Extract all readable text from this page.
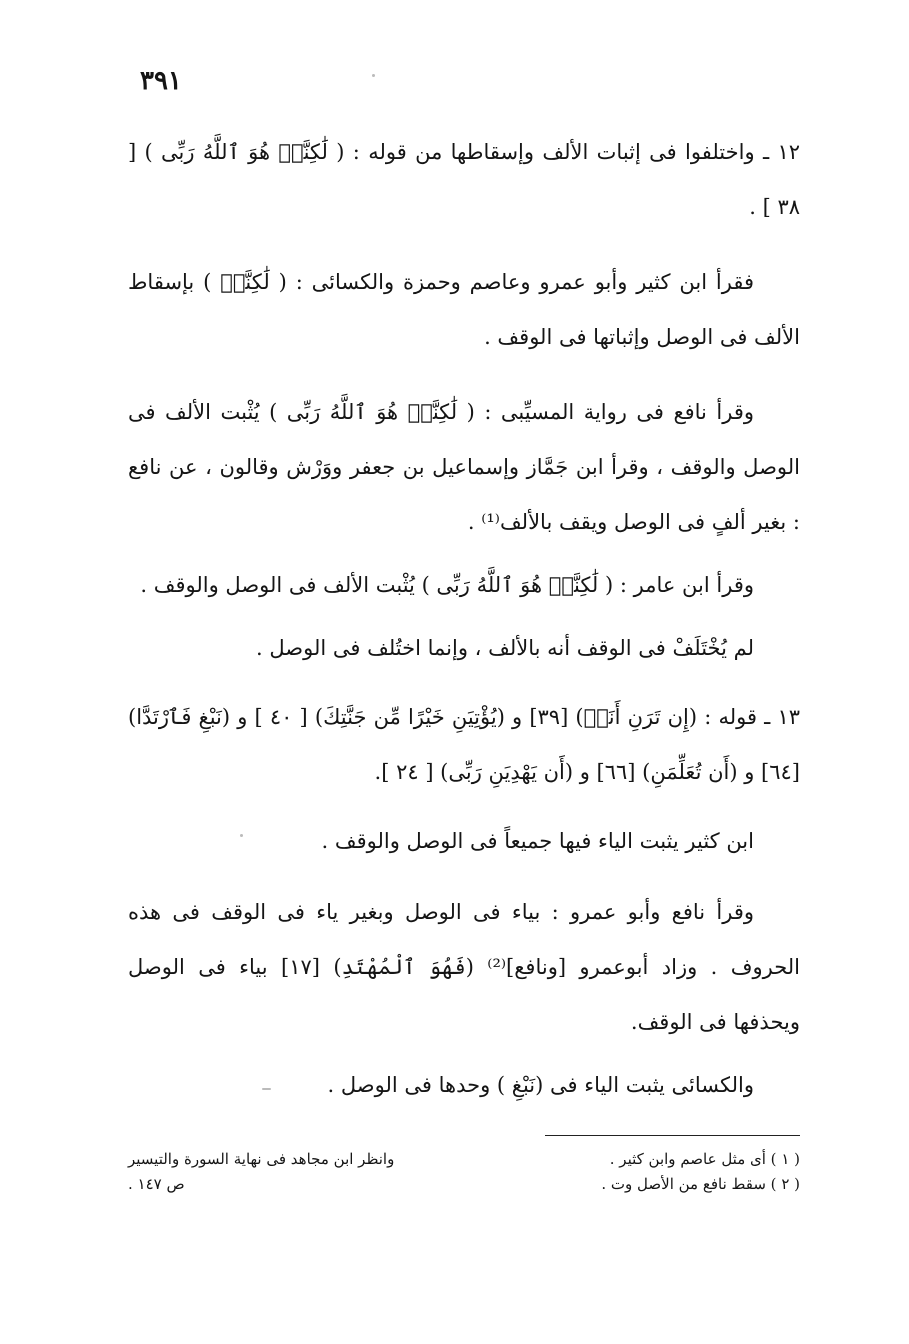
٣٩١

١٢ ـ واختلفوا فى إثبات الألف وإسقاطها من قوله : ( لَٰكِنَّا۠ هُوَ ٱللَّهُ رَبِّى ) [ ٣٨ ] .

فقرأ ابن كثير وأبو عمرو وعاصم وحمزة والكسائى : ( لَٰكِنَّا۠ ) بإسقاط الألف فى الوصل وإثباتها فى الوقف .

وقرأ نافع فى رواية المسيِّبى : ( لَٰكِنَّا۠ هُوَ ٱللَّهُ رَبِّى ) يُثْبت الألف فى الوصل والوقف ، وقرأ ابن جَمَّاز وإسماعيل بن جعفر ووَرْش وقالون ، عن نافع : بغير ألفٍ فى الوصل ويقف بالألف⁽¹⁾ .

وقرأ ابن عامر : ( لَٰكِنَّا۠ هُوَ ٱللَّهُ رَبِّى ) يُثْبت الألف فى الوصل والوقف .

لم يُخْتَلَفْ فى الوقف أنه بالألف ، وإنما اختُلف فى الوصل .

١٣ ـ قوله : (إِن تَرَنِ أَنَا۠) [٣٩] و (يُؤْتِيَنِ خَيْرًا مِّن جَنَّتِكَ) [ ٤٠ ] و (نَبْغِ فَٱرْتَدَّا) [٦٤] و (أَن تُعَلِّمَنِ) [٦٦] و (أَن يَهْدِيَنِ رَبِّى) [ ٢٤ ].

ابن كثير يثبت الياء فيها جميعاً فى الوصل والوقف .

وقرأ نافع وأبو عمرو : بياء فى الوصل وبغير ياء فى الوقف فى هذه الحروف . وزاد أبوعمرو [ونافع]⁽²⁾ (فَهُوَ ٱلْمُهْتَدِ) [١٧] بياء فى الوصل ويحذفها فى الوقف.

والكسائى يثبت الياء فى (نَبْغِ ) وحدها فى الوصل .

( ١ ) أى مثل عاصم وابن كثير .
وانظر ابن مجاهد فى نهاية السورة والتيسير
( ٢ ) سقط نافع من الأصل وت .
ص ١٤٧ .
